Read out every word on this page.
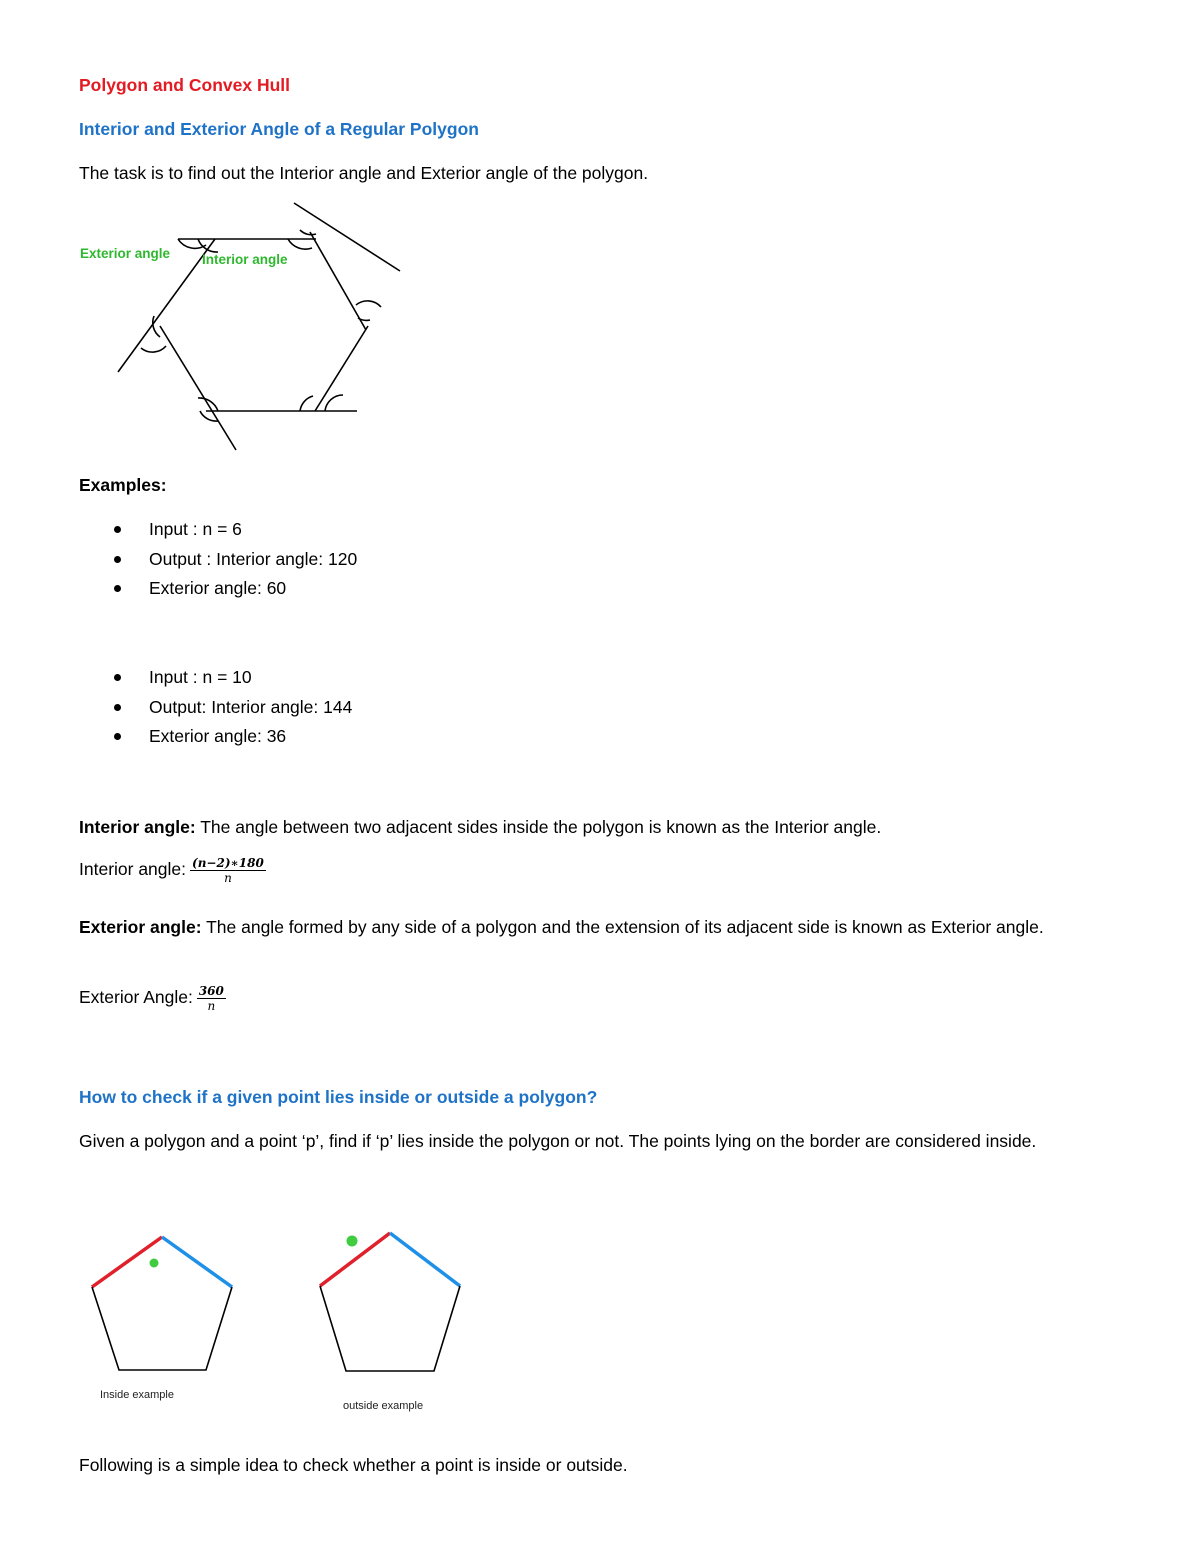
Polygon and Convex Hull
Interior and Exterior Angle of a Regular Polygon
The task is to find out the Interior angle and Exterior angle of the polygon.
Exterior angle Interior angle
Examples:
Input : n = 6
Output : Interior angle: 120
Exterior angle: 60
Input : n = 10
Output: Interior angle: 144
Exterior angle: 36
Interior angle: The angle between two adjacent sides inside the polygon is known as the Interior angle.
Interior angle: $\frac{(n-2)∗180}{n}$
Exterior angle: The angle formed by any side of a polygon and the extension of its adjacent side is known as Exterior angle.
Exterior Angle: $\frac{360}{n}$
How to check if a given point lies inside or outside a polygon?
Given a polygon and a point ‘p’, find if ‘p’ lies inside the polygon or not. The points lying on the border are considered inside.
Inside example
outside example
Following is a simple idea to check whether a point is inside or outside.
